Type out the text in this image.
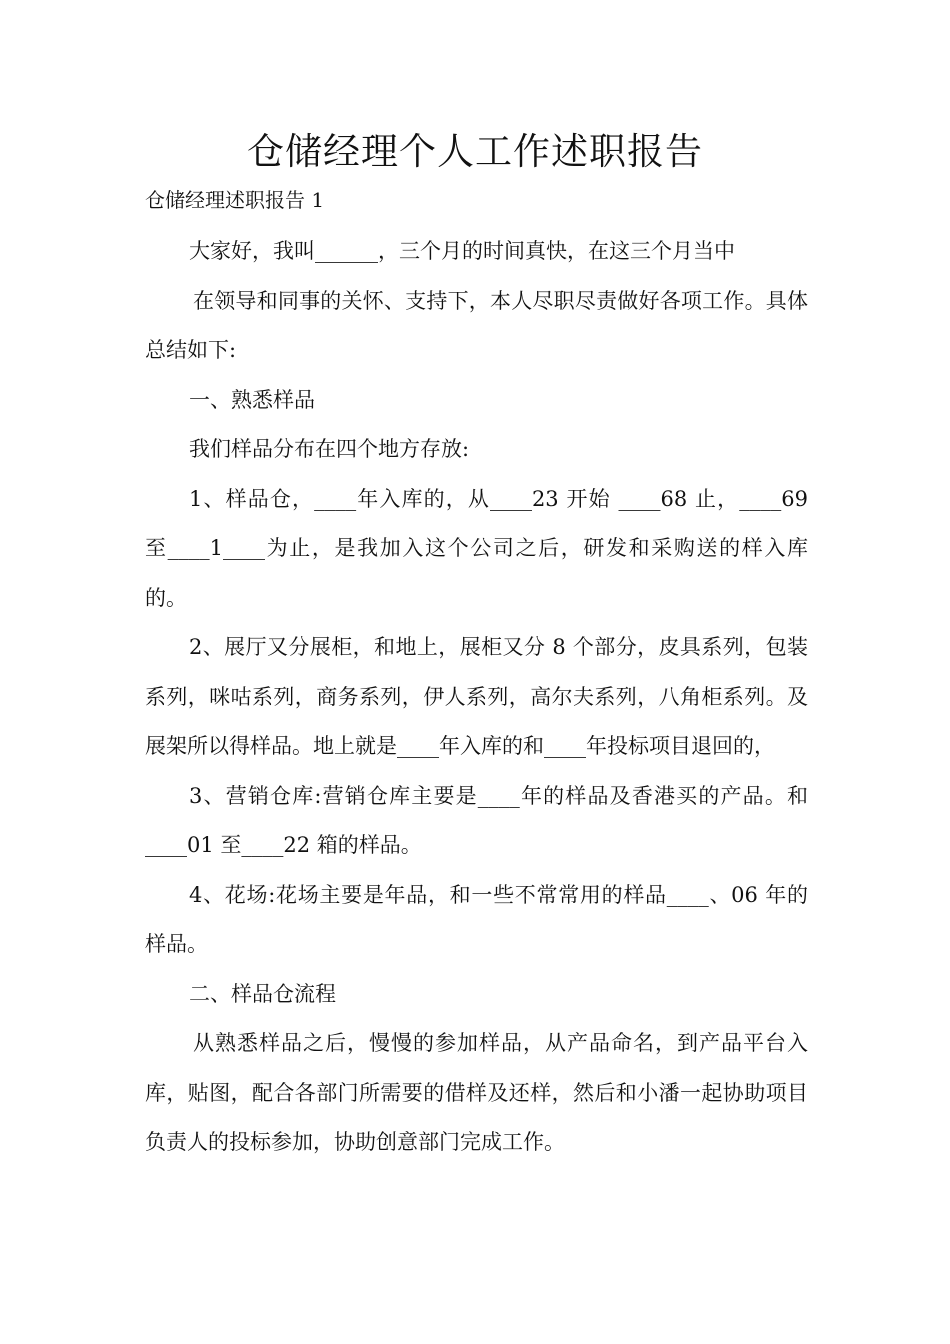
仓储经理个人工作述职报告

仓储经理述职报告 1

大家好，我叫______，三个月的时间真快，在这三个月当中

在领导和同事的关怀、支持下，本人尽职尽责做好各项工作。具体总结如下:

一、熟悉样品

我们样品分布在四个地方存放:

1、样品仓，____年入库的，从____23 开始 ____68 止，____69 至____1____为止，是我加入这个公司之后，研发和采购送的样入库的。

2、展厅又分展柜，和地上，展柜又分 8 个部分，皮具系列，包装系列，咪咕系列，商务系列，伊人系列，高尔夫系列，八角柜系列。及展架所以得样品。地上就是____年入库的和____年投标项目退回的，

3、营销仓库:营销仓库主要是____年的样品及香港买的产品。和____01 至____22 箱的样品。

4、花场:花场主要是年品，和一些不常常用的样品____、06 年的样品。

二、样品仓流程

从熟悉样品之后，慢慢的参加样品，从产品命名，到产品平台入库，贴图，配合各部门所需要的借样及还样，然后和小潘一起协助项目负责人的投标参加，协助创意部门完成工作。
